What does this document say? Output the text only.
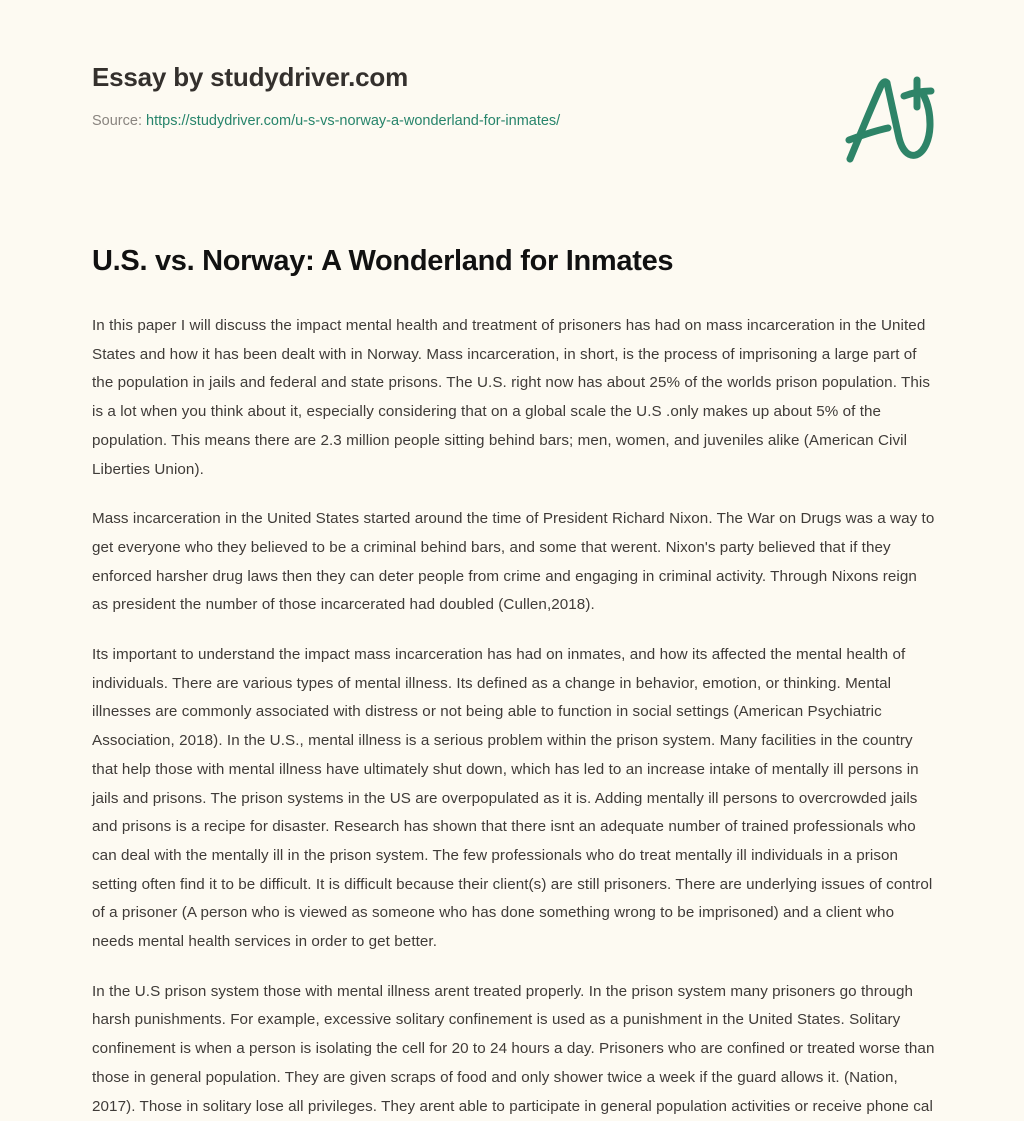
Essay by studydriver.com
Source: https://studydriver.com/u-s-vs-norway-a-wonderland-for-inmates/
U.S. vs. Norway: A Wonderland for Inmates

In this paper I will discuss the impact mental health and treatment of prisoners has had on mass incarceration in the United States and how it has been dealt with in Norway. Mass incarceration, in short, is the process of imprisoning a large part of the population in jails and federal and state prisons. The U.S. right now has about 25% of the worlds prison population. This is a lot when you think about it, especially considering that on a global scale the U.S .only makes up about 5% of the population. This means there are 2.3 million people sitting behind bars; men, women, and juveniles alike (American Civil Liberties Union).

Mass incarceration in the United States started around the time of President Richard Nixon. The War on Drugs was a way to get everyone who they believed to be a criminal behind bars, and some that werent. Nixon's party believed that if they enforced harsher drug laws then they can deter people from crime and engaging in criminal activity. Through Nixons reign as president the number of those incarcerated had doubled (Cullen,2018).

Its important to understand the impact mass incarceration has had on inmates, and how its affected the mental health of individuals. There are various types of mental illness. Its defined as a change in behavior, emotion, or thinking. Mental illnesses are commonly associated with distress or not being able to function in social settings (American Psychiatric Association, 2018). In the U.S., mental illness is a serious problem within the prison system. Many facilities in the country that help those with mental illness have ultimately shut down, which has led to an increase intake of mentally ill persons in jails and prisons. The prison systems in the US are overpopulated as it is. Adding mentally ill persons to overcrowded jails and prisons is a recipe for disaster. Research has shown that there isnt an adequate number of trained professionals who can deal with the mentally ill in the prison system. The few professionals who do treat mentally ill individuals in a prison setting often find it to be difficult. It is difficult because their client(s) are still prisoners. There are underlying issues of control of a prisoner (A person who is viewed as someone who has done something wrong to be imprisoned) and a client who needs mental health services in order to get better.

In the U.S prison system those with mental illness arent treated properly. In the prison system many prisoners go through harsh punishments. For example, excessive solitary confinement is used as a punishment in the United States. Solitary confinement is when a person is isolating the cell for 20 to 24 hours a day. Prisoners who are confined or treated worse than those in general population. They are given scraps of food and only shower twice a week if the guard allows it. (Nation, 2017). Those in solitary lose all privileges. They arent able to participate in general population activities or receive phone cal
